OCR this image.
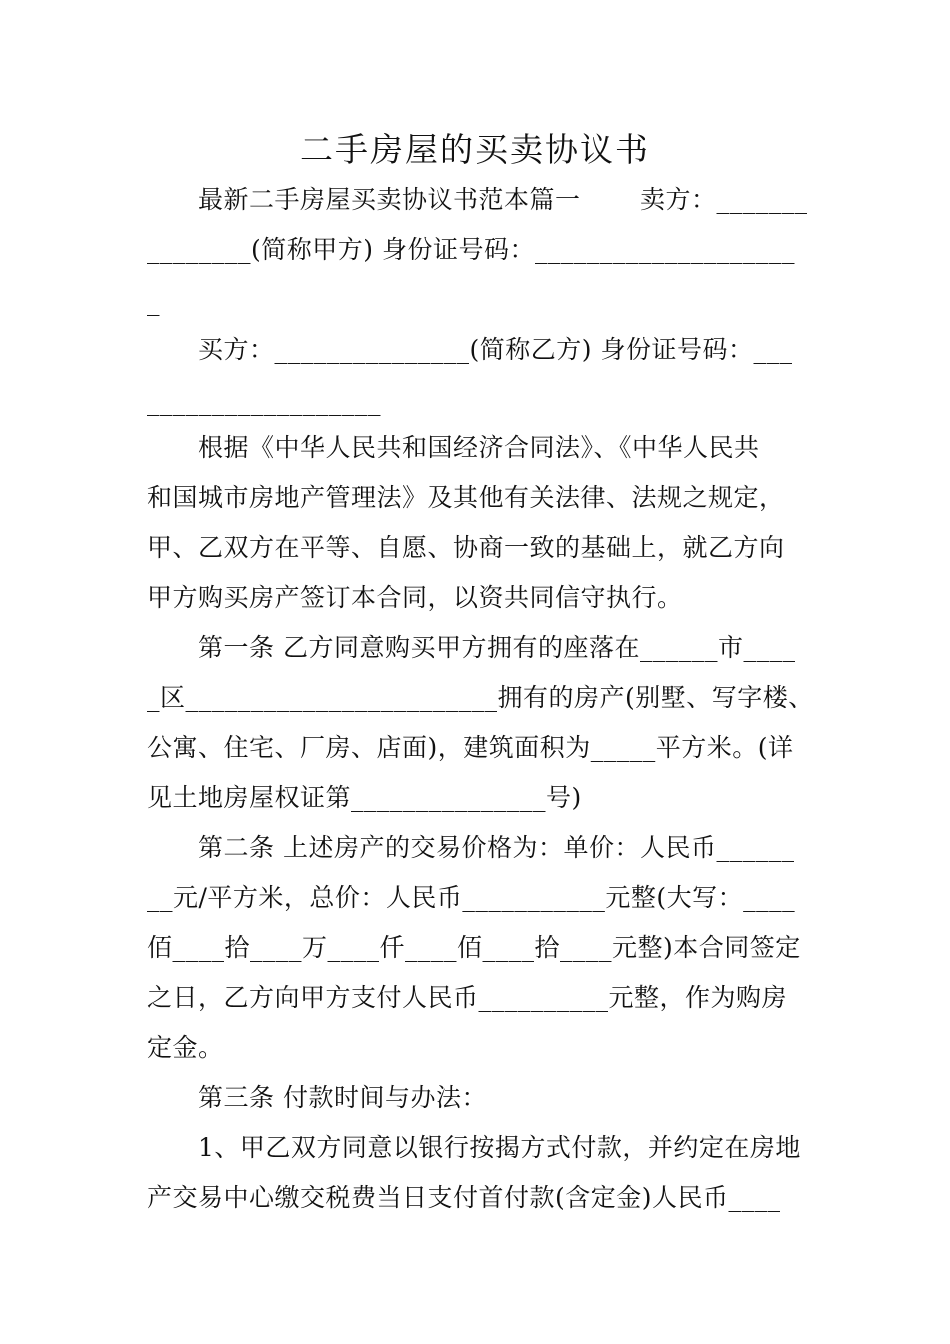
二手房屋的买卖协议书
　　最新二手房屋买卖协议书范本篇一　　 卖方：_______
________(简称甲方) 身份证号码：____________________
_
　　买方：_______________(简称乙方) 身份证号码：___
__________________
　　根据《中华人民共和国经济合同法》、《中华人民共
和国城市房地产管理法》及其他有关法律、法规之规定，
甲、乙双方在平等、自愿、协商一致的基础上，就乙方向
甲方购买房产签订本合同，以资共同信守执行。
　　第一条 乙方同意购买甲方拥有的座落在______市____
_区________________________拥有的房产(别墅、写字楼、
公寓、住宅、厂房、店面)，建筑面积为_____平方米。(详
见土地房屋权证第_______________号)
　　第二条 上述房产的交易价格为：单价：人民币______
__元/平方米，总价：人民币___________元整(大写：____
佰____拾____万____仟____佰____拾____元整)本合同签定
之日，乙方向甲方支付人民币__________元整，作为购房
定金。
　　第三条 付款时间与办法：
　　1、甲乙双方同意以银行按揭方式付款，并约定在房地
产交易中心缴交税费当日支付首付款(含定金)人民币____
